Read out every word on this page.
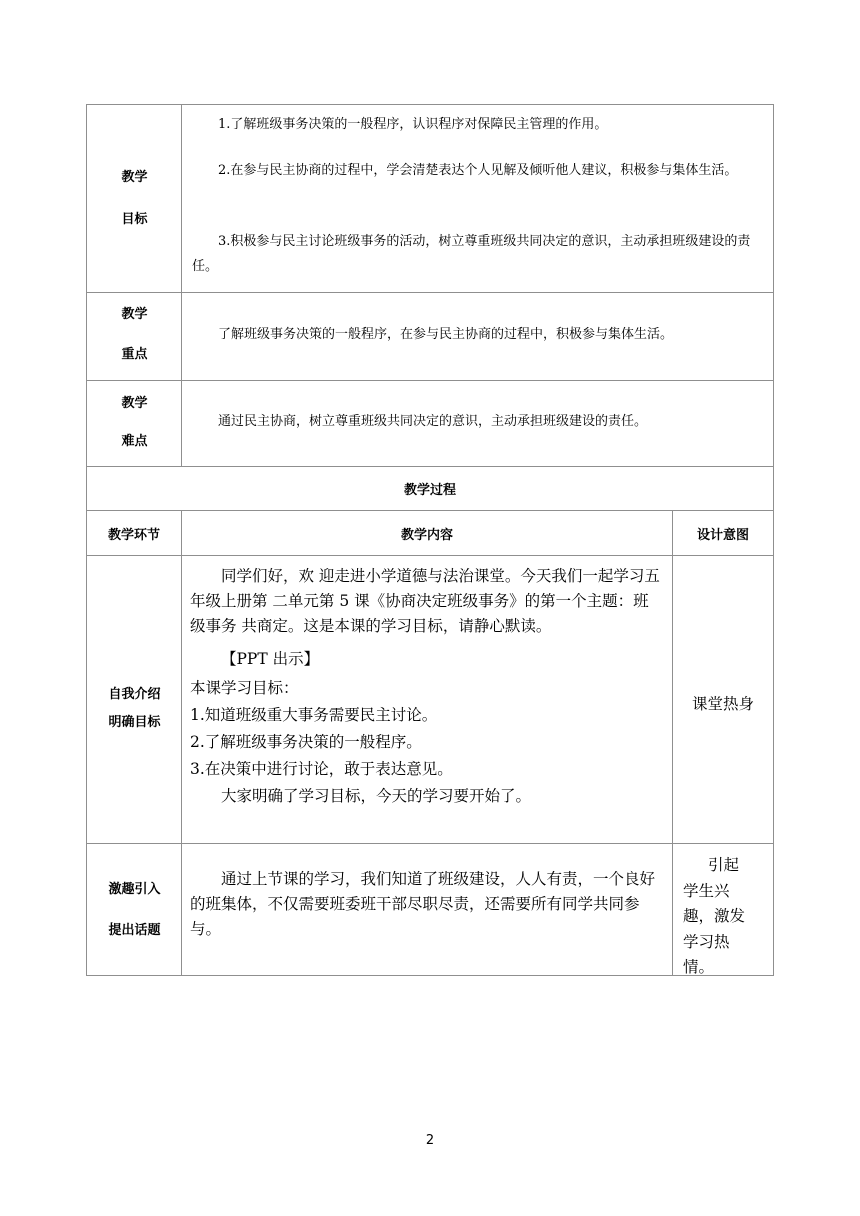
教学
目标
1.了解班级事务决策的一般程序，认识程序对保障民主管理的作用。
2.在参与民主协商的过程中，学会清楚表达个人见解及倾听他人建议，积极参与集体生活。
3.积极参与民主讨论班级事务的活动，树立尊重班级共同决定的意识，主动承担班级建设的责任。
教学
重点
了解班级事务决策的一般程序，在参与民主协商的过程中，积极参与集体生活。
教学
难点
通过民主协商，树立尊重班级共同决定的意识，主动承担班级建设的责任。
教学过程
教学环节	教学内容	设计意图
自我介绍
明确目标
同学们好，欢 迎走进小学道德与法治课堂。今天我们一起学习五年级上册第 二单元第 5 课《协商决定班级事务》的第一个主题：班级事务 共商定。这是本课的学习目标，请静心默读。
【PPT 出示】
本课学习目标：
1.知道班级重大事务需要民主讨论。
2.了解班级事务决策的一般程序。
3.在决策中进行讨论，敢于表达意见。
大家明确了学习目标，今天的学习要开始了。
课堂热身
激趣引入
提出话题
通过上节课的学习，我们知道了班级建设，人人有责，一个良好的班集体，不仅需要班委班干部尽职尽责，还需要所有同学共同参与。
引起学生兴趣，激发学习热情。
2
